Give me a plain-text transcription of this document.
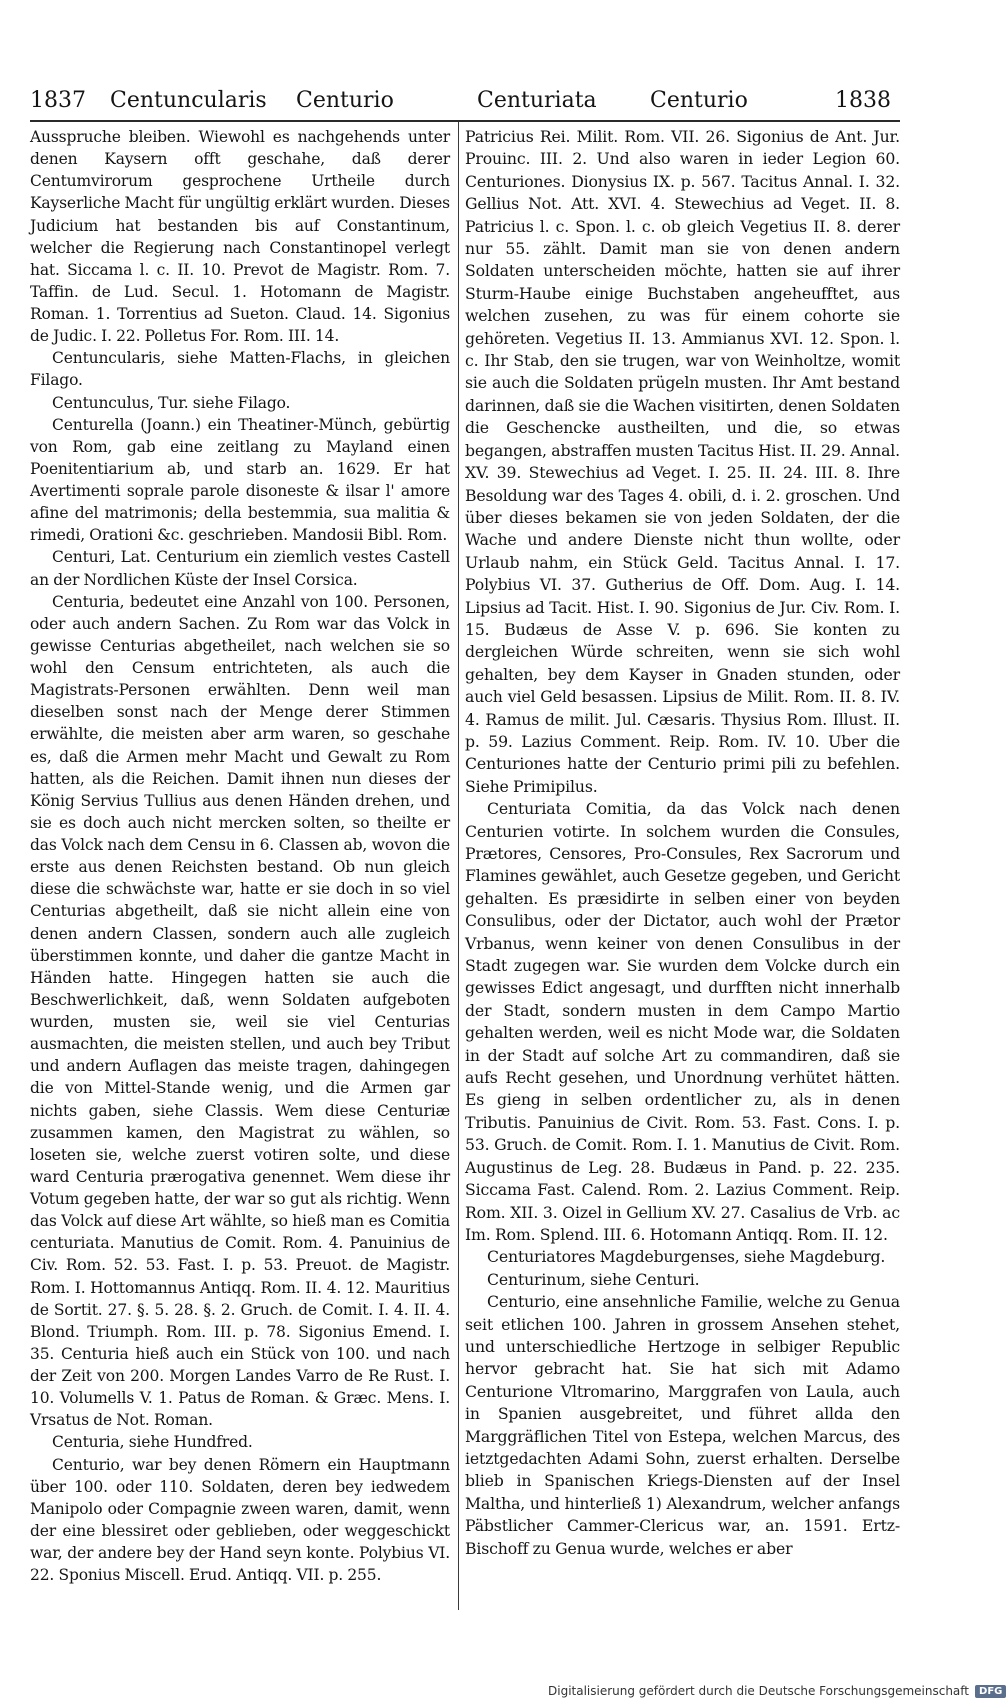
1837 Centuncularis Centurio	Centuriata Centurio	1838

Ausspruche bleiben. Wiewohl es nachgehends unter denen Kaysern offt geschahe, daß derer Centumvirorum gesprochene Urtheile durch Kayserliche Macht für ungültig erklärt wurden. Dieses Judicium hat bestanden bis auf Constantinum, welcher die Regierung nach Constantinopel verlegt hat. Siccama l. c. II. 10. Prevot de Magistr. Rom. 7. Taffin. de Lud. Secul. 1. Hotomann de Magistr. Roman. 1. Torrentius ad Sueton. Claud. 14. Sigonius de Judic. I. 22. Polletus For. Rom. III. 14.

Centuncularis, siehe Matten-Flachs, in gleichen Filago.

Centunculus, Tur. siehe Filago.

Centurella (Joann.) ein Theatiner-Münch, gebürtig von Rom, gab eine zeitlang zu Mayland einen Poenitentiarium ab, und starb an. 1629. Er hat Avertimenti soprale parole disoneste & ilsar l' amore afine del matrimonis; della bestemmia, sua malitia & rimedi, Orationi &c. geschrieben. Mandosii Bibl. Rom.

Centuri, Lat. Centurium ein ziemlich vestes Castell an der Nordlichen Küste der Insel Corsica.

Centuria, bedeutet eine Anzahl von 100. Personen, oder auch andern Sachen. Zu Rom war das Volck in gewisse Centurias abgetheilet, nach welchen sie so wohl den Censum entrichteten, als auch die Magistrats-Personen erwählten. Denn weil man dieselben sonst nach der Menge derer Stimmen erwählte, die meisten aber arm waren, so geschahe es, daß die Armen mehr Macht und Gewalt zu Rom hatten, als die Reichen. Damit ihnen nun dieses der König Servius Tullius aus denen Händen drehen, und sie es doch auch nicht mercken solten, so theilte er das Volck nach dem Censu in 6. Classen ab, wovon die erste aus denen Reichsten bestand. Ob nun gleich diese die schwächste war, hatte er sie doch in so viel Centurias abgetheilt, daß sie nicht allein eine von denen andern Classen, sondern auch alle zugleich überstimmen konnte, und daher die gantze Macht in Händen hatte. Hingegen hatten sie auch die Beschwerlichkeit, daß, wenn Soldaten aufgeboten wurden, musten sie, weil sie viel Centurias ausmachten, die meisten stellen, und auch bey Tribut und andern Auflagen das meiste tragen, dahingegen die von Mittel-Stande wenig, und die Armen gar nichts gaben, siehe Classis. Wem diese Centuriæ zusammen kamen, den Magistrat zu wählen, so loseten sie, welche zuerst votiren solte, und diese ward Centuria prærogativa genennet. Wem diese ihr Votum gegeben hatte, der war so gut als richtig. Wenn das Volck auf diese Art wählte, so hieß man es Comitia centuriata. Manutius de Comit. Rom. 4. Panuinius de Civ. Rom. 52. 53. Fast. I. p. 53. Preuot. de Magistr. Rom. I. Hottomannus Antiqq. Rom. II. 4. 12. Mauritius de Sortit. 27. §. 5. 28. §. 2. Gruch. de Comit. I. 4. II. 4. Blond. Triumph. Rom. III. p. 78. Sigonius Emend. I. 35. Centuria hieß auch ein Stück von 100. und nach der Zeit von 200. Morgen Landes Varro de Re Rust. I. 10. Volumells V. 1. Patus de Roman. & Græc. Mens. I. Vrsatus de Not. Roman.

Centuria, siehe Hundfred.

Centurio, war bey denen Römern ein Hauptmann über 100. oder 110. Soldaten, deren bey iedwedem Manipolo oder Compagnie zween waren, damit, wenn der eine blessiret oder geblieben, oder weggeschickt war, der andere bey der Hand seyn konte. Polybius VI. 22. Sponius Miscell. Erud. Antiqq. VII. p. 255.

Patricius Rei. Milit. Rom. VII. 26. Sigonius de Ant. Jur. Prouinc. III. 2. Und also waren in ieder Legion 60. Centuriones. Dionysius IX. p. 567. Tacitus Annal. I. 32. Gellius Not. Att. XVI. 4. Stewechius ad Veget. II. 8. Patricius l. c. Spon. l. c. ob gleich Vegetius II. 8. derer nur 55. zählt. Damit man sie von denen andern Soldaten unterscheiden möchte, hatten sie auf ihrer Sturm-Haube einige Buchstaben angeheufftet, aus welchen zusehen, zu was für einem cohorte sie gehöreten. Vegetius II. 13. Ammianus XVI. 12. Spon. l. c. Ihr Stab, den sie trugen, war von Weinholtze, womit sie auch die Soldaten prügeln musten. Ihr Amt bestand darinnen, daß sie die Wachen visitirten, denen Soldaten die Geschencke austheilten, und die, so etwas begangen, abstraffen musten Tacitus Hist. II. 29. Annal. XV. 39. Stewechius ad Veget. I. 25. II. 24. III. 8. Ihre Besoldung war des Tages 4. obili, d. i. 2. groschen. Und über dieses bekamen sie von jeden Soldaten, der die Wache und andere Dienste nicht thun wollte, oder Urlaub nahm, ein Stück Geld. Tacitus Annal. I. 17. Polybius VI. 37. Gutherius de Off. Dom. Aug. I. 14. Lipsius ad Tacit. Hist. I. 90. Sigonius de Jur. Civ. Rom. I. 15. Budæus de Asse V. p. 696. Sie konten zu dergleichen Würde schreiten, wenn sie sich wohl gehalten, bey dem Kayser in Gnaden stunden, oder auch viel Geld besassen. Lipsius de Milit. Rom. II. 8. IV. 4. Ramus de milit. Jul. Cæsaris. Thysius Rom. Illust. II. p. 59. Lazius Comment. Reip. Rom. IV. 10. Uber die Centuriones hatte der Centurio primi pili zu befehlen. Siehe Primipilus.

Centuriata Comitia, da das Volck nach denen Centurien votirte. In solchem wurden die Consules, Prætores, Censores, Pro-Consules, Rex Sacrorum und Flamines gewählet, auch Gesetze gegeben, und Gericht gehalten. Es præsidirte in selben einer von beyden Consulibus, oder der Dictator, auch wohl der Prætor Vrbanus, wenn keiner von denen Consulibus in der Stadt zugegen war. Sie wurden dem Volcke durch ein gewisses Edict angesagt, und durfften nicht innerhalb der Stadt, sondern musten in dem Campo Martio gehalten werden, weil es nicht Mode war, die Soldaten in der Stadt auf solche Art zu commandiren, daß sie aufs Recht gesehen, und Unordnung verhütet hätten. Es gieng in selben ordentlicher zu, als in denen Tributis. Panuinius de Civit. Rom. 53. Fast. Cons. I. p. 53. Gruch. de Comit. Rom. I. 1. Manutius de Civit. Rom. Augustinus de Leg. 28. Budæus in Pand. p. 22. 235. Siccama Fast. Calend. Rom. 2. Lazius Comment. Reip. Rom. XII. 3. Oizel in Gellium XV. 27. Casalius de Vrb. ac Im. Rom. Splend. III. 6. Hotomann Antiqq. Rom. II. 12.

Centuriatores Magdeburgenses, siehe Magdeburg.

Centurinum, siehe Centuri.

Centurio, eine ansehnliche Familie, welche zu Genua seit etlichen 100. Jahren in grossem Ansehen stehet, und unterschiedliche Hertzoge in selbiger Republic hervor gebracht hat. Sie hat sich mit Adamo Centurione Vltromarino, Marggrafen von Laula, auch in Spanien ausgebreitet, und führet allda den Marggräflichen Titel von Estepa, welchen Marcus, des ietztgedachten Adami Sohn, zuerst erhalten. Derselbe blieb in Spanischen Kriegs-Diensten auf der Insel Maltha, und hinterließ 1) Alexandrum, welcher anfangs Päbstlicher Cammer-Clericus war, an. 1591. Ertz-Bischoff zu Genua wurde, welches er aber

Digitalisierung gefördert durch die Deutsche Forschungsgemeinschaft DFG
